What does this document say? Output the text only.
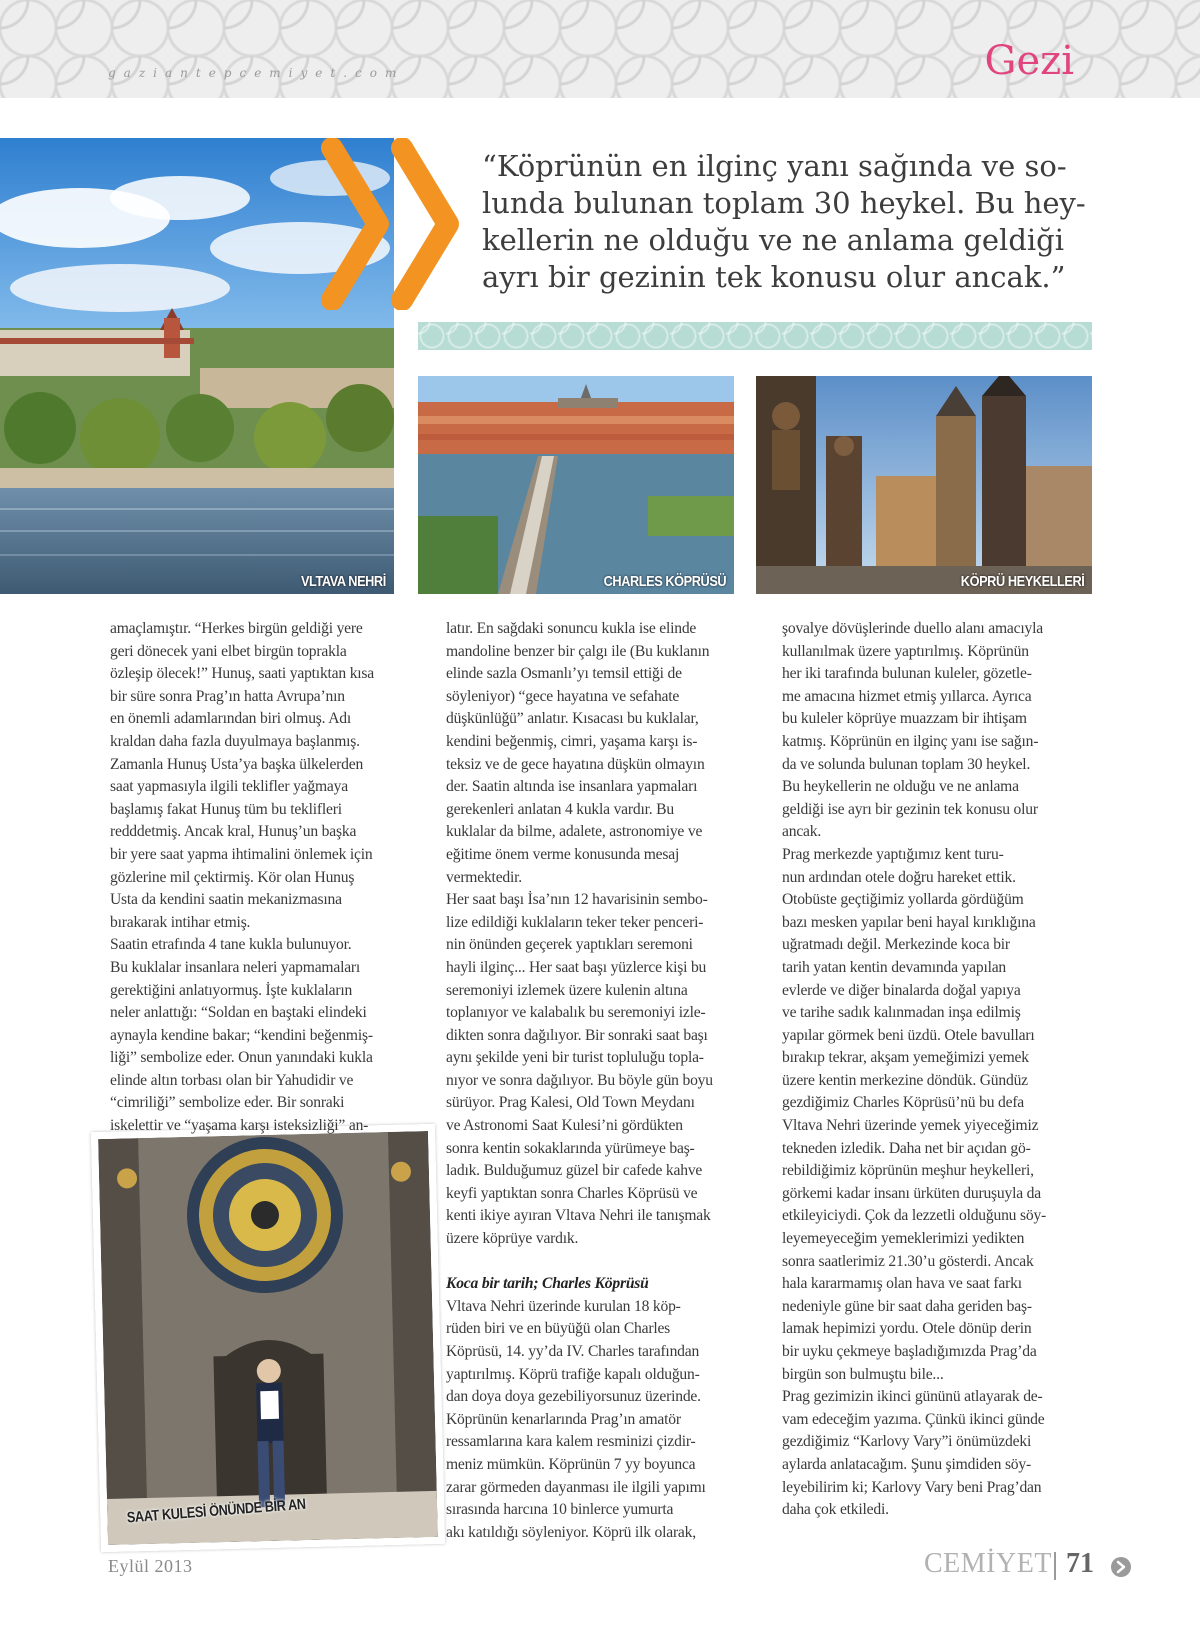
gaziantepcemiyet.com	Gezi
VLTAVA NEHRİ
“Köprünün en ilginç yanı sağında ve so-
lunda bulunan toplam 30 heykel. Bu hey-
kellerin ne olduğu ve ne anlama geldiği
ayrı bir gezinin tek konusu olur ancak.”
CHARLES KÖPRÜSÜ	KÖPRÜ HEYKELLERİ
SAAT KULESİ ÖNÜNDE BİR AN
amaçlamıştır. “Herkes birgün geldiği yere
geri dönecek yani elbet birgün toprakla
özleşip ölecek!” Hunuş, saati yaptıktan kısa
bir süre sonra Prag’ın hatta Avrupa’nın
en önemli adamlarından biri olmuş. Adı
kraldan daha fazla duyulmaya başlanmış.
Zamanla Hunuş Usta’ya başka ülkelerden
saat yapmasıyla ilgili teklifler yağmaya
başlamış fakat Hunuş tüm bu teklifleri
redddetmiş. Ancak kral, Hunuş’un başka
bir yere saat yapma ihtimalini önlemek için
gözlerine mil çektirmiş. Kör olan Hunuş
Usta da kendini saatin mekanizmasına
bırakarak intihar etmiş.
Saatin etrafında 4 tane kukla bulunuyor.
Bu kuklalar insanlara neleri yapmamaları
gerektiğini anlatıyormuş. İşte kuklaların
neler anlattığı: “Soldan en baştaki elindeki
aynayla kendine bakar; “kendini beğenmiş-
liği” sembolize eder. Onun yanındaki kukla
elinde altın torbası olan bir Yahudidir ve
“cimriliği” sembolize eder. Bir sonraki
iskelettir ve “yaşama karşı isteksizliği” an-
latır. En sağdaki sonuncu kukla ise elinde
mandoline benzer bir çalgı ile (Bu kuklanın
elinde sazla Osmanlı’yı temsil ettiği de
söyleniyor) “gece hayatına ve sefahate
düşkünlüğü” anlatır. Kısacası bu kuklalar,
kendini beğenmiş, cimri, yaşama karşı is-
teksiz ve de gece hayatına düşkün olmayın
der. Saatin altında ise insanlara yapmaları
gerekenleri anlatan 4 kukla vardır. Bu
kuklalar da bilme, adalete, astronomiye ve
eğitime önem verme konusunda mesaj
vermektedir.
Her saat başı İsa’nın 12 havarisinin sembo-
lize edildiği kuklaların teker teker penceri-
nin önünden geçerek yaptıkları seremoni
hayli ilginç... Her saat başı yüzlerce kişi bu
seremoniyi izlemek üzere kulenin altına
toplanıyor ve kalabalık bu seremoniyi izle-
dikten sonra dağılıyor. Bir sonraki saat başı
aynı şekilde yeni bir turist topluluğu topla-
nıyor ve sonra dağılıyor. Bu böyle gün boyu
sürüyor. Prag Kalesi, Old Town Meydanı
ve Astronomi Saat Kulesi’ni gördükten
sonra kentin sokaklarında yürümeye baş-
ladık. Bulduğumuz güzel bir cafede kahve
keyfi yaptıktan sonra Charles Köprüsü ve
kenti ikiye ayıran Vltava Nehri ile tanışmak
üzere köprüye vardık.
Koca bir tarih; Charles Köprüsü
Vltava Nehri üzerinde kurulan 18 köp-
rüden biri ve en büyüğü olan Charles
Köprüsü, 14. yy’da IV. Charles tarafından
yaptırılmış. Köprü trafiğe kapalı olduğun-
dan doya doya gezebiliyorsunuz üzerinde.
Köprünün kenarlarında Prag’ın amatör
ressamlarına kara kalem resminizi çizdir-
meniz mümkün. Köprünün 7 yy boyunca
zarar görmeden dayanması ile ilgili yapımı
sırasında harcına 10 binlerce yumurta
akı katıldığı söyleniyor. Köprü ilk olarak,
şovalye dövüşlerinde duello alanı amacıyla
kullanılmak üzere yaptırılmış. Köprünün
her iki tarafında bulunan kuleler, gözetle-
me amacına hizmet etmiş yıllarca. Ayrıca
bu kuleler köprüye muazzam bir ihtişam
katmış. Köprünün en ilginç yanı ise sağın-
da ve solunda bulunan toplam 30 heykel.
Bu heykellerin ne olduğu ve ne anlama
geldiği ise ayrı bir gezinin tek konusu olur
ancak.
Prag merkezde yaptığımız kent turu-
nun ardından otele doğru hareket ettik.
Otobüste geçtiğimiz yollarda gördüğüm
bazı mesken yapılar beni hayal kırıklığına
uğratmadı değil. Merkezinde koca bir
tarih yatan kentin devamında yapılan
evlerde ve diğer binalarda doğal yapıya
ve tarihe sadık kalınmadan inşa edilmiş
yapılar görmek beni üzdü. Otele bavulları
bırakıp tekrar, akşam yemeğimizi yemek
üzere kentin merkezine döndük. Gündüz
gezdiğimiz Charles Köprüsü’nü bu defa
Vltava Nehri üzerinde yemek yiyeceğimiz
tekneden izledik. Daha net bir açıdan gö-
rebildiğimiz köprünün meşhur heykelleri,
görkemi kadar insanı ürküten duruşuyla da
etkileyiciydi. Çok da lezzetli olduğunu söy-
leyemeyeceğim yemeklerimizi yedikten
sonra saatlerimiz 21.30’u gösterdi. Ancak
hala kararmamış olan hava ve saat farkı
nedeniyle güne bir saat daha geriden baş-
lamak hepimizi yordu. Otele dönüp derin
bir uyku çekmeye başladığımızda Prag’da
birgün son bulmuştu bile...
Prag gezimizin ikinci gününü atlayarak de-
vam edeceğim yazıma. Çünkü ikinci günde
gezdiğimiz “Karlovy Vary”i önümüzdeki
aylarda anlatacağım. Şunu şimdiden söy-
leyebilirim ki; Karlovy Vary beni Prag’dan
daha çok etkiledi.
Eylül 2013	CEMİYET 71
